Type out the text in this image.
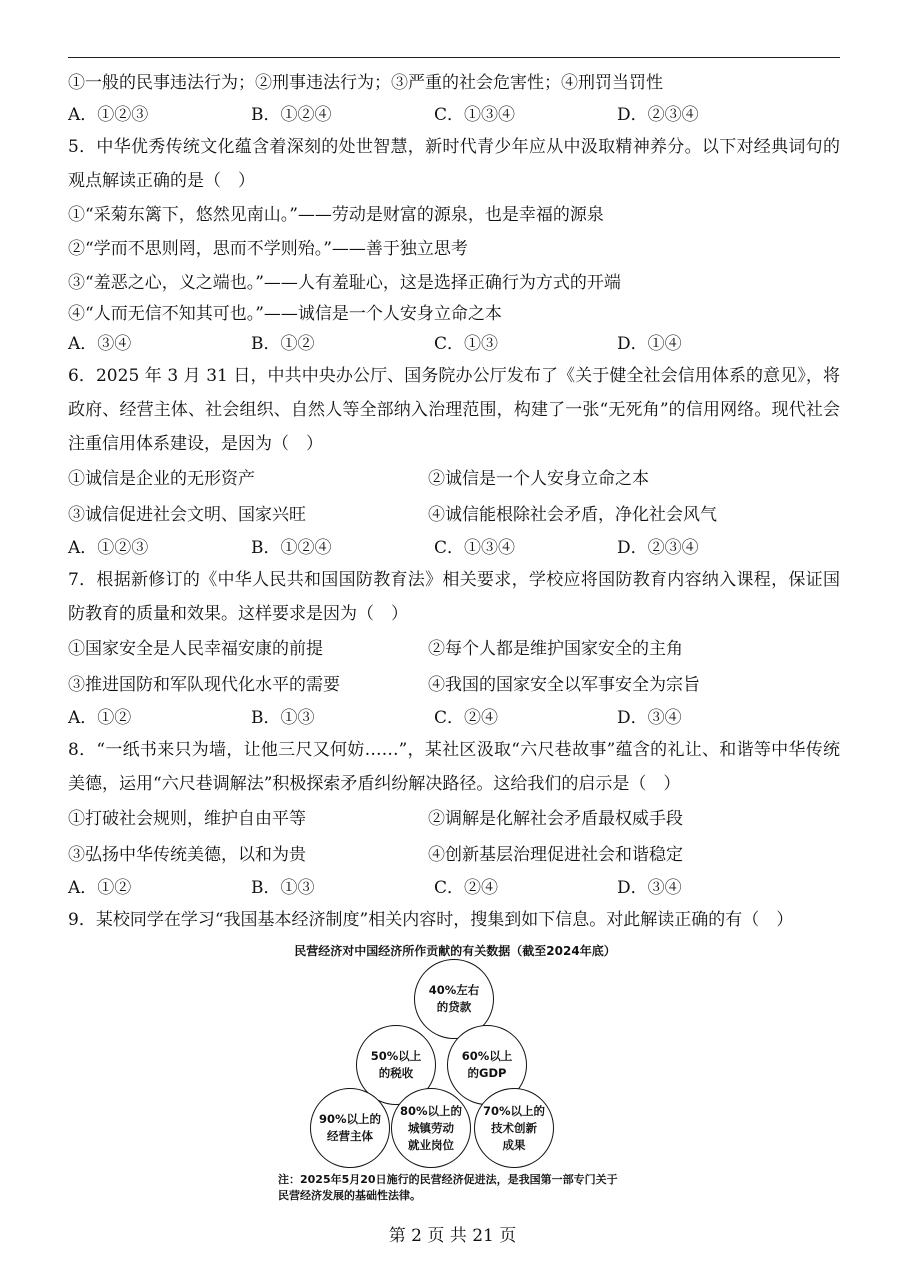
①一般的民事违法行为；②刑事违法行为；③严重的社会危害性；④刑罚当罚性
A．①②③	B．①②④	C．①③④	D．②③④
5．中华优秀传统文化蕴含着深刻的处世智慧，新时代青少年应从中汲取精神养分。以下对经典词句的观点解读正确的是（　）
①“采菊东篱下，悠然见南山。”——劳动是财富的源泉，也是幸福的源泉
②“学而不思则罔，思而不学则殆。”——善于独立思考
③“羞恶之心，义之端也。”——人有羞耻心，这是选择正确行为方式的开端
④“人而无信不知其可也。”——诚信是一个人安身立命之本
A．③④	B．①②	C．①③	D．①④
6．2025 年 3 月 31 日，中共中央办公厅、国务院办公厅发布了《关于健全社会信用体系的意见》，将政府、经营主体、社会组织、自然人等全部纳入治理范围，构建了一张“无死角”的信用网络。现代社会注重信用体系建设，是因为（　）
①诚信是企业的无形资产	②诚信是一个人安身立命之本
③诚信促进社会文明、国家兴旺	④诚信能根除社会矛盾，净化社会风气
A．①②③	B．①②④	C．①③④	D．②③④
7．根据新修订的《中华人民共和国国防教育法》相关要求，学校应将国防教育内容纳入课程，保证国防教育的质量和效果。这样要求是因为（　）
①国家安全是人民幸福安康的前提	②每个人都是维护国家安全的主角
③推进国防和军队现代化水平的需要	④我国的国家安全以军事安全为宗旨
A．①②	B．①③	C．②④	D．③④
8．“一纸书来只为墙，让他三尺又何妨……”，某社区汲取“六尺巷故事”蕴含的礼让、和谐等中华传统美德，运用“六尺巷调解法”积极探索矛盾纠纷解决路径。这给我们的启示是（　）
①打破社会规则，维护自由平等	②调解是化解社会矛盾最权威手段
③弘扬中华传统美德，以和为贵	④创新基层治理促进社会和谐稳定
A．①②	B．①③	C．②④	D．③④
9．某校同学在学习“我国基本经济制度”相关内容时，搜集到如下信息。对此解读正确的有（　）
民营经济对中国经济所作贡献的有关数据（截至2024年底）
40%左右
的贷款
50%以上
的税收
60%以上
的GDP
90%以上的
经营主体
80%以上的
城镇劳动
就业岗位
70%以上的
技术创新
成果
注：2025年5月20日施行的民营经济促进法，是我国第一部专门关于民营经济发展的基础性法律。
第 2 页 共 21 页
